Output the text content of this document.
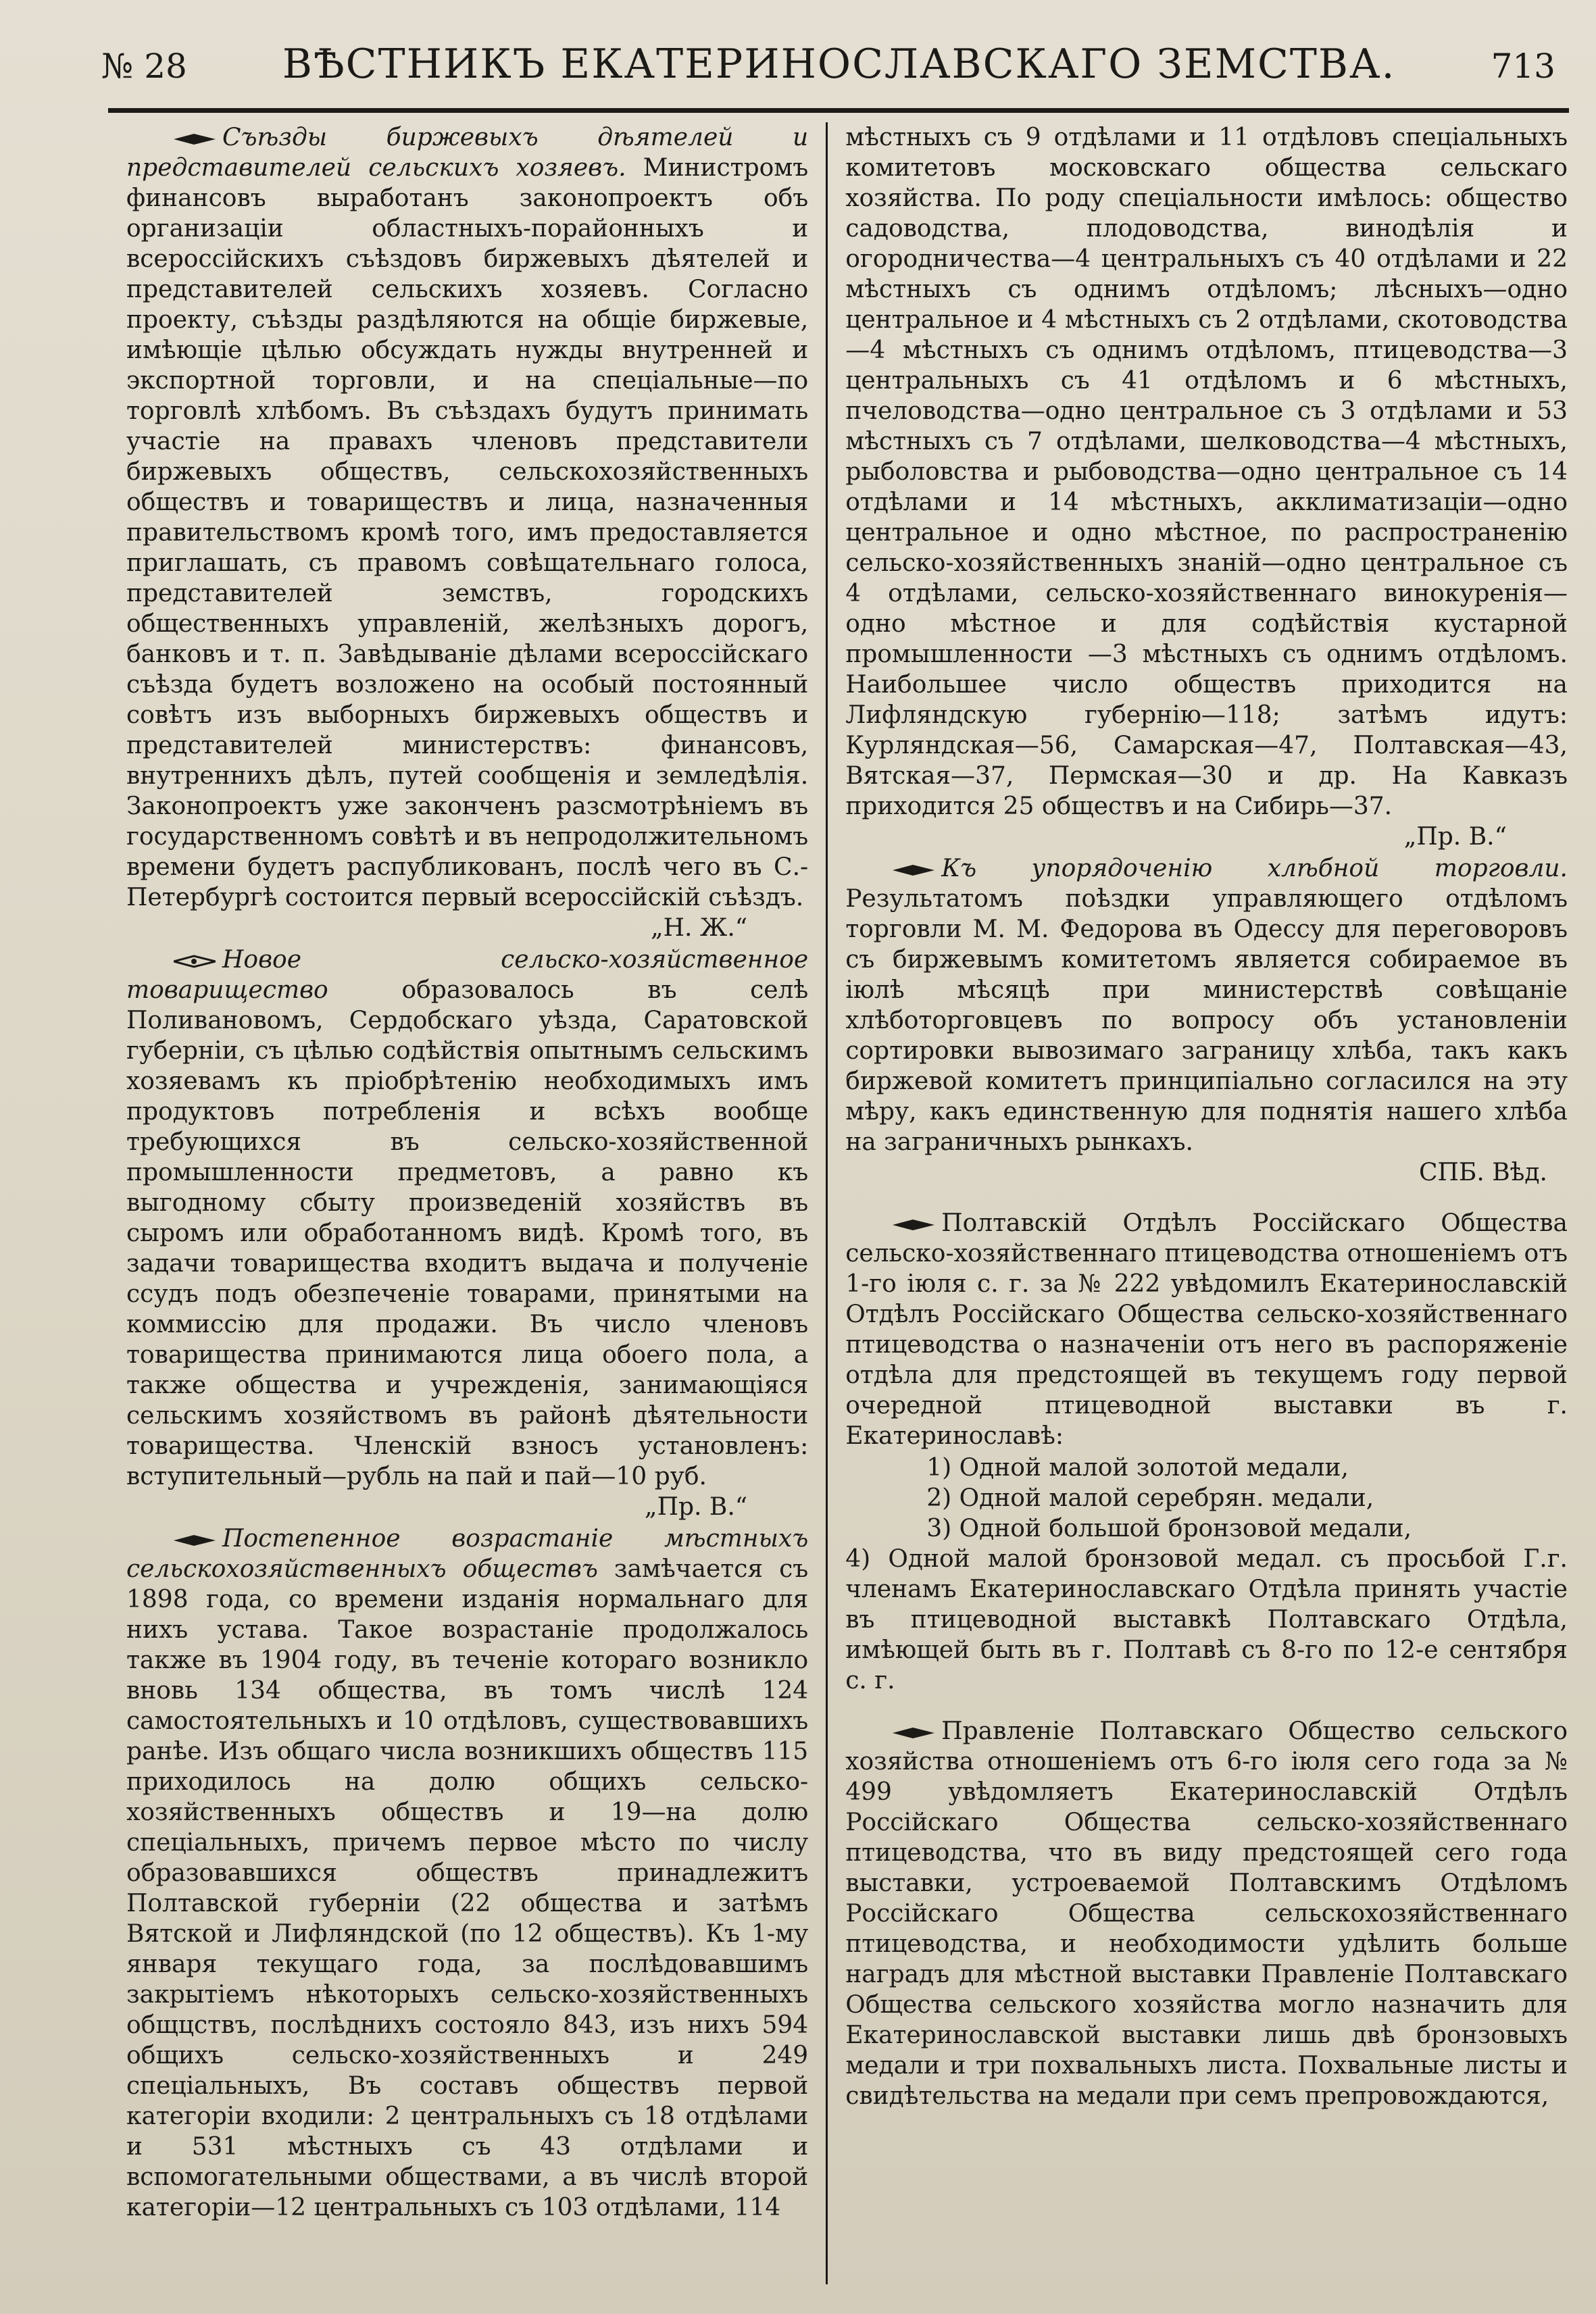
№ 28 ВѢСТНИКЪ ЕКАТЕРИНОСЛАВСКАГО ЗЕМСТВА.	713

Съѣзды биржевыхъ дѣятелей и представителей сельскихъ хозяевъ. Министромъ финансовъ выработанъ законопроектъ объ организаціи областныхъ-порайонныхъ и всероссійскихъ съѣздовъ биржевыхъ дѣятелей и представителей сельскихъ хозяевъ. Согласно проекту, съѣзды раздѣляются на общіе биржевые, имѣющіе цѣлью обсуждать нужды внутренней и экспортной торговли, и на спеціальные—по торговлѣ хлѣбомъ. Въ съѣздахъ будутъ принимать участіе на правахъ членовъ представители биржевыхъ обществъ, сельскохозяйственныхъ обществъ и товариществъ и лица, назначенныя правительствомъ кромѣ того, имъ предоставляется приглашать, съ правомъ совѣщательнаго голоса, представителей земствъ, городскихъ общественныхъ управленій, желѣзныхъ дорогъ, банковъ и т. п. Завѣдываніе дѣлами всероссійскаго съѣзда будетъ возложено на особый постоянный совѣтъ изъ выборныхъ биржевыхъ обществъ и представителей министерствъ: финансовъ, внутреннихъ дѣлъ, путей сообщенія и земледѣлія. Законопроектъ уже законченъ разсмотрѣніемъ въ государственномъ совѣтѣ и въ непродолжительномъ времени будетъ распубликованъ, послѣ чего въ С.-Петербургѣ состоится первый всероссійскій съѣздъ.
„Н. Ж.“

Новое сельско-хозяйственное товарищество	образовалось въ селѣ Поливановомъ, Сердобскаго уѣзда, Саратовской губерніи, съ цѣлью содѣйствія опытнымъ сельскимъ хозяевамъ къ пріобрѣтенію необходимыхъ имъ продуктовъ потребленія и всѣхъ вообще требующихся въ сельско-хозяйственной промышленности предметовъ, а равно къ выгодному сбыту произведеній хозяйствъ въ сыромъ или обработанномъ видѣ. Кромѣ того, въ задачи товарищества входитъ выдача и полученіе ссудъ подъ обезпеченіе товарами, принятыми на коммиссію для продажи. Въ число членовъ товарищества принимаются лица обоего пола, а также общества и учрежденія, занимающіяся сельскимъ хозяйствомъ въ районѣ дѣятельности товарищества. Членскій взносъ установленъ: вступительный—рубль на пай и пай—10 руб.
„Пр. В.“

Постепенное возрастаніе мѣстныхъ сельскохозяйственныхъ обществъ замѣчается съ 1898 года, со времени изданія нормальнаго для нихъ устава. Такое возрастаніе продолжалось также въ 1904 году, въ теченіе котораго возникло вновь 134 общества, въ томъ числѣ 124 самостоятельныхъ и 10 отдѣловъ, существовавшихъ ранѣе. Изъ общаго числа возникшихъ обществъ 115 приходилось на долю общихъ сельско-хозяйственныхъ обществъ и 19—на долю спеціальныхъ, причемъ первое мѣсто по числу образовавшихся обществъ принадлежитъ Полтавской губерніи (22 общества и затѣмъ Вятской и Лифляндской (по 12 обществъ). Къ 1-му января текущаго года, за послѣдовавшимъ закрытіемъ нѣкоторыхъ сельско-хозяйственныхъ общцствъ, послѣднихъ состояло 843, изъ нихъ 594 общихъ сельско-хозяйственныхъ и 249 спеціальныхъ, Въ составъ обществъ первой категоріи входили: 2 центральныхъ съ 18 отдѣлами и 531 мѣстныхъ съ 43 отдѣлами и вспомогательными обществами, а въ числѣ второй категоріи—12 центральныхъ съ 103 отдѣлами, 114

мѣстныхъ съ 9 отдѣлами и 11 отдѣловъ спеціальныхъ комитетовъ московскаго общества сельскаго хозяйства. По роду спеціальности имѣлось: общество садоводства, плодоводства, винодѣлія и огородничества—4 центральныхъ съ 40 отдѣлами и 22 мѣстныхъ съ однимъ отдѣломъ; лѣсныхъ—одно центральное и 4 мѣстныхъ съ 2 отдѣлами, скотоводства—4 мѣстныхъ съ однимъ отдѣломъ, птицеводства—3 центральныхъ съ 41 отдѣломъ и 6 мѣстныхъ, пчеловодства—одно центральное съ 3 отдѣлами и 53 мѣстныхъ съ 7 отдѣлами, шелководства—4 мѣстныхъ, рыболовства и рыбоводства—одно центральное съ 14 отдѣлами и 14 мѣстныхъ, акклиматизаціи—одно центральное и одно мѣстное, по распространенію сельско-хозяйственныхъ знаній—одно центральное съ 4 отдѣлами, сельско-хозяйственнаго винокуренія—одно мѣстное и для содѣйствія кустарной промышленности —3 мѣстныхъ съ однимъ отдѣломъ. Наибольшее число обществъ приходится на Лифляндскую губернію—118; затѣмъ идутъ: Курляндская—56, Самарская—47, Полтавская—43, Вятская—37, Пермская—30 и др. На Кавказъ приходится 25 обществъ и на Сибирь—37.
„Пр. В.“

Къ упорядоченію хлѣбной торговли. Результатомъ поѣздки управляющего отдѣломъ торговли М. М. Федорова въ Одессу для переговоровъ съ биржевымъ комитетомъ является собираемое въ іюлѣ мѣсяцѣ при министерствѣ совѣщаніе хлѣботорговцевъ по вопросу объ установленіи сортировки вывозимаго заграницу хлѣба, такъ какъ биржевой комитетъ принципіально согласился на эту мѣру, какъ единственную для поднятія нашего хлѣба на заграничныхъ рынкахъ.
СПБ. Вѣд.

Полтавскій Отдѣлъ Россійскаго Общества сельско-хозяйственнаго птицеводства отношеніемъ отъ 1-го іюля с. г. за № 222 увѣдомилъ Екатеринославскій Отдѣлъ Россійскаго Общества сельско-хозяйственнаго птицеводства о назначеніи отъ него въ распоряженіе отдѣла для предстоящей въ текущемъ году первой очередной птицеводной выставки въ г. Екатеринославѣ:

1) Одной малой золотой медали,

2) Одной малой серебрян. медали,

3) Одной большой бронзовой медали,

4) Одной малой бронзовой медал. съ просьбой Г.г. членамъ Екатеринославскаго Отдѣла принять участіе въ птицеводной выставкѣ Полтавскаго Отдѣла, имѣющей быть въ г. Полтавѣ съ 8-го по 12-е сентября с. г.

Правленіе Полтавскаго Общество сельского хозяйства отношеніемъ отъ 6-го іюля сего года за № 499 увѣдомляетъ Екатеринославскій Отдѣлъ Россійскаго Общества сельско-хозяйственнаго птицеводства, что въ виду предстоящей сего года выставки, устроеваемой Полтавскимъ Отдѣломъ Россійскаго Общества сельскохозяйственнаго птицеводства, и необходимости удѣлить больше наградъ для мѣстной выставки Правленіе Полтавскаго Общества сельского хозяйства могло назначить для Екатеринославской выставки лишь двѣ бронзовыхъ медали и три похвальныхъ листа. Похвальные листы и свидѣтельства на медали при семъ препровождаются,
